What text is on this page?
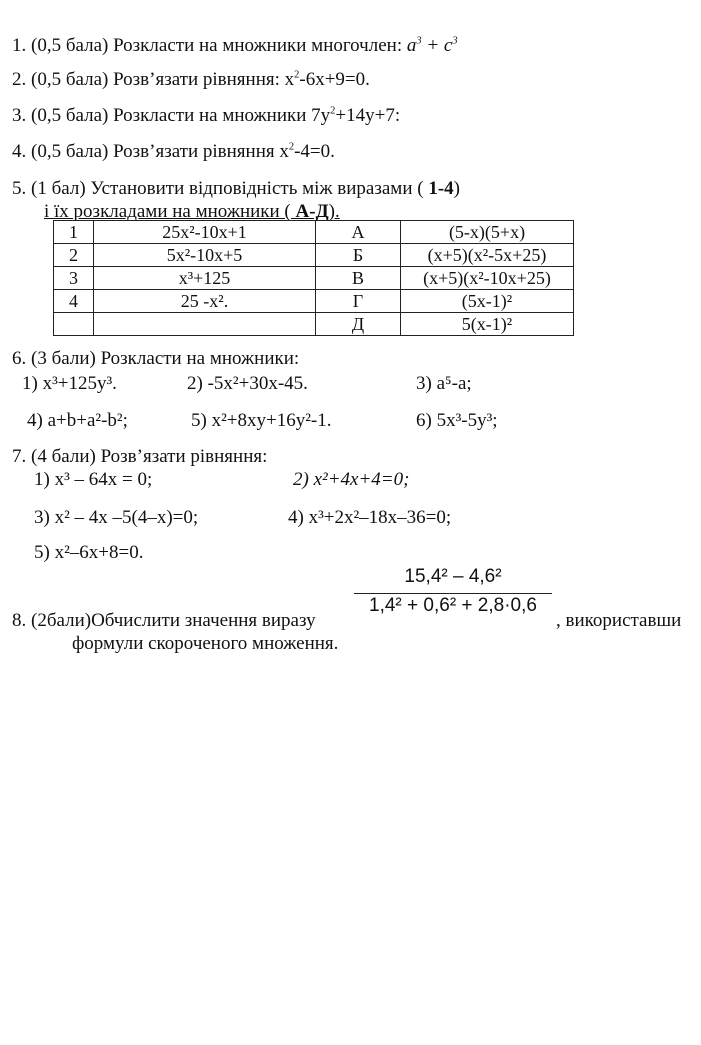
1. (0,5 бала) Розкласти на множники многочлен: $a^3 + c^3$
2. (0,5 бала) Розв’язати рівняння: $x^2-6x+9=0$.
3. (0,5 бала) Розкласти на множники $7y^2+14y+7$:
4. (0,5 бала) Розв’язати рівняння $x^2-4=0$.
5. (1 бал) Установити відповідність між виразами ( 1-4)
і їх розкладами на множники ( А-Д).
1	25x²-10x+1	А	(5-x)(5+x)
2	5x²-10x+5	Б	(x+5)(x²-5x+25)
3	x³+125	В	(x+5)(x²-10x+25)
4	25 -x².	Г	(5x-1)²
		Д	5(x-1)²
6. (3 бали) Розкласти на множники:
1) x³+125y³.	2) -5x²+30x-45.	3) a⁵-a;
4) a+b+a²-b²;	5) x²+8xy+16y²-1.	6) 5x³-5y³;
7. (4 бали) Розв’язати рівняння:
1) x³ – 64x = 0;	2) x²+4x+4=0;
3) x² – 4x –5(4–x)=0;	4) x³+2x²–18x–36=0;
5) x²–6x+8=0.
8. (2бали)Обчислити значення виразу
15,4² – 4,6²
1,4² + 0,6² + 2,8·0,6
, використавши
формули скороченого множення.
